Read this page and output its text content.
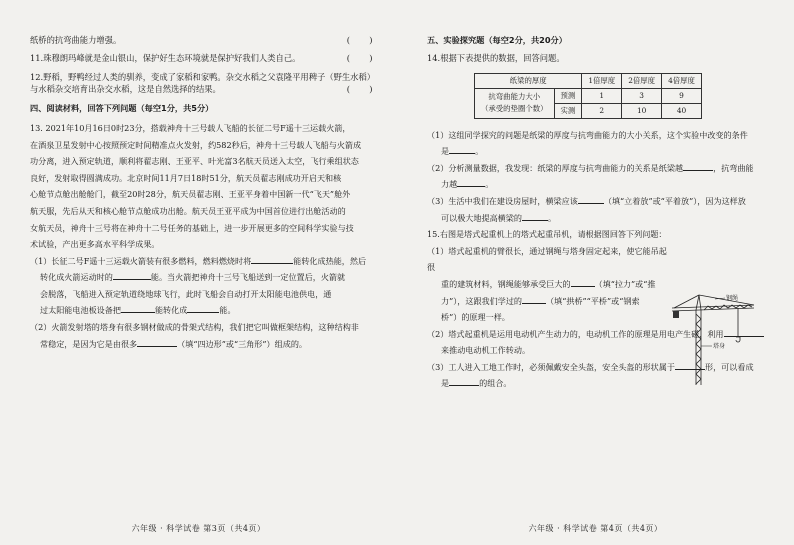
纸桥的抗弯曲能力增强。	(      )
11.珠穆朗玛峰就是金山银山，保护好生态环境就是保护好我们人类自己。	(      )

12.野稻，野鸭经过人类的驯养，变成了家稻和家鸭。杂交水稻之父袁隆平用稗子（野生水稻）

与水稻杂交培育出杂交水稻，这是自然选择的结果。	(      )

四、阅读材料，回答下列问题（每空1分，共5分）

13. 2021年10月16日0时23分，搭载神舟十三号载人飞船的长征二号F遥十三运载火箭，
在酒泉卫星发射中心按照预定时间精准点火发射，约582秒后，神舟十三号载人飞船与火箭成
功分离，进入预定轨道，顺利将翟志刚、王亚平、叶光富3名航天员送入太空，飞行乘组状态
良好，发射取得圆满成功。北京时间11月7日18时51分，航天员翟志刚成功开启天和核
心舱节点舱出舱舱门，截至20时28分，航天员翟志刚、王亚平身着中国新一代“飞天”舱外
航天服，先后从天和核心舱节点舱成功出舱。航天员王亚平成为中国首位进行出舱活动的
女航天员，神舟十三号将在神舟十二号任务的基础上，进一步开展更多的空间科学实验与技
术试验，产出更多高水平科学成果。
（1）长征二号F遥十三运载火箭装有很多燃料，燃料燃烧时将	能转化成热能，然后
转化成火箭运动时的	能。当火箭把神舟十三号飞船送到一定位置后，火箭就
会脱落，飞船进入预定轨道绕地球飞行，此时飞船会自动打开太阳能电池供电，通
过太阳能电池板设备把	能转化成	能。
（2）火箭发射塔的塔身有很多钢材做成的骨架式结构，我们把它叫做框架结构，这种结构非
常稳定，是因为它是由很多	（填“四边形”或“三角形”）组成的。
六年级 · 科学试卷 第3页（共4页）

五、实验探究题（每空2分，共20分）

14.根据下表提供的数据，回答问题。

纸梁的厚度		1倍厚度	2倍厚度	4倍厚度
抗弯曲能力大小
（承受的垫圈个数）	预测	1	3	9
	实测	2	10	40
（1）这组同学探究的问题是纸梁的厚度与抗弯曲能力的大小关系，这个实验中改变的条件
是	。
（2）分析测量数据，我发现：纸梁的厚度与抗弯曲能力的关系是纸梁越	，抗弯曲能
力越	。
（3）生活中我们在建设房屋时，横梁应该	（填“立着放”或“平着放”），因为这样放
可以极大地提高横梁的	。

15.右图是塔式起重机上的塔式起重吊机，请根据图回答下列问题：

（1）塔式起重机的臂很长，通过钢绳与塔身固定起来，使它能吊起很
重的建筑材料，钢绳能够承受巨大的	（填“拉力”或“推
力”），这跟我们学过的	（填“拱桥”“平桥”或“钢索
桥”）的原理一样。
（2）塔式起重机是运用电动机产生动力的，电动机工作的原理是用电产生磁，利用
来推动电动机工作转动。
（3）工人进入工地工作时，必须佩戴安全头盔，安全头盔的形状属于	形，可以看成
是	的组合。
六年级 · 科学试卷 第4页（共4页）
钢绳
塔身
